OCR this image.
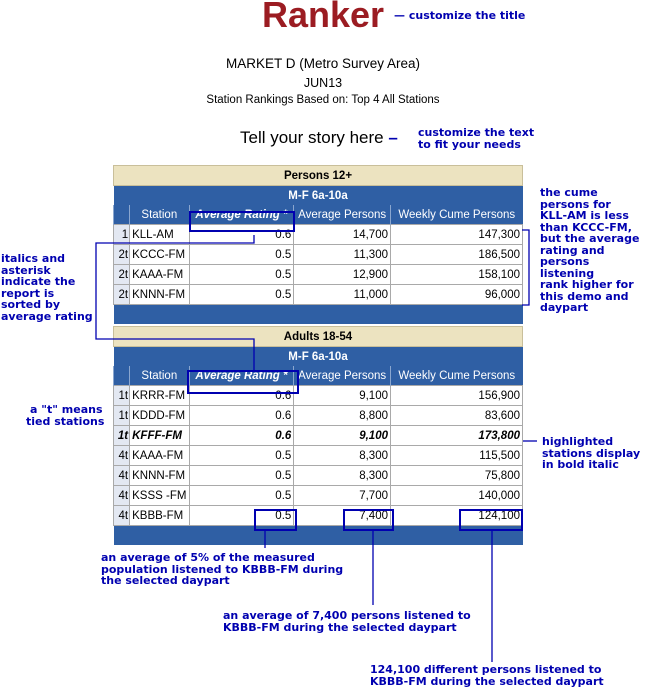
Ranker — customize the title
MARKET D (Metro Survey Area)
JUN13
Station Rankings Based on: Top 4 All Stations
Tell your story here – customize the text
to fit your needs
Persons 12+				
M-F 6a-10a				
	Station	Average Rating *	Average Persons	Weekly Cume Persons
1	KLL-AM	0.6	14,700	147,300
2t	KCCC-FM	0.5	11,300	186,500
2t	KAAA-FM	0.5	12,900	158,100
2t	KNNN-FM	0.5	11,000	96,000

Adults 18-54				
M-F 6a-10a				
	Station	Average Rating *	Average Persons	Weekly Cume Persons
1t	KRRR-FM	0.6	9,100	156,900
1t	KDDD-FM	0.6	8,800	83,600
1t	KFFF-FM	0.6	9,100	173,800
4t	KAAA-FM	0.5	8,300	115,500
4t	KNNN-FM	0.5	8,300	75,800
4t	KSSS -FM	0.5	7,700	140,000
4t	KBBB-FM	0.5	7,400	124,100

the cume
persons for
KLL-AM is less
than KCCC-FM,
but the average
rating and
persons listening
rank higher for
this demo and
daypart
italics and
asterisk
indicate the
report is
sorted by
average rating
a "t" means
tied stations
highlighted
stations display
in bold italic
an average of 5% of the measured
population listened to KBBB-FM during
the selected daypart
an average of 7,400 persons listened to
KBBB-FM during the selected daypart
124,100 different persons listened to
KBBB-FM during the selected daypart
